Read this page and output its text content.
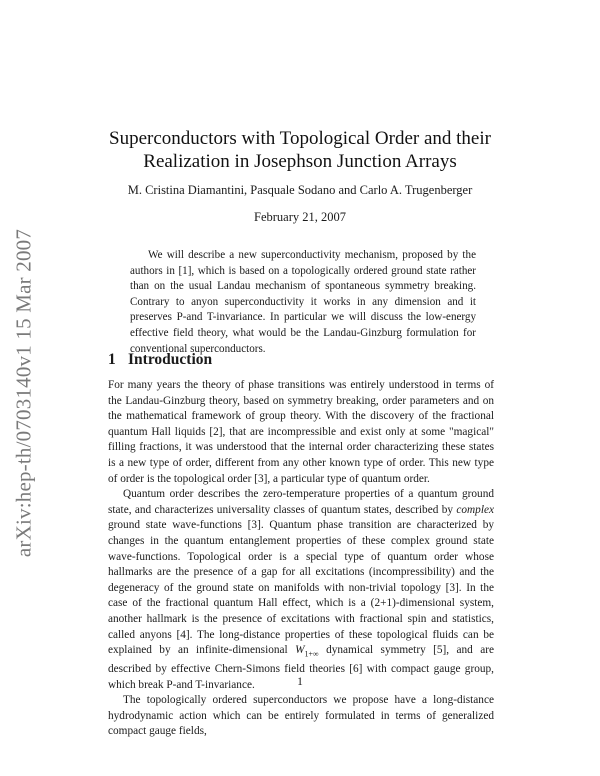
arXiv:hep-th/0703140v1 15 Mar 2007
Superconductors with Topological Order and their
Realization in Josephson Junction Arrays
M. Cristina Diamantini, Pasquale Sodano and Carlo A. Trugenberger
February 21, 2007

We will describe a new superconductivity mechanism, proposed by the authors in [1], which is based on a topologically ordered ground state rather than on the usual Landau mechanism of spontaneous symmetry breaking. Contrary to anyon superconductivity it works in any dimension and it preserves P-and T-invariance. In particular we will discuss the low-energy effective field theory, what would be the Landau-Ginzburg formulation for conventional superconductors.

1 Introduction

For many years the theory of phase transitions was entirely understood in terms of the Landau-Ginzburg theory, based on symmetry breaking, order parameters and on the mathematical framework of group theory. With the discovery of the fractional quantum Hall liquids [2], that are incompressible and exist only at some "magical" filling fractions, it was understood that the internal order characterizing these states is a new type of order, different from any other known type of order. This new type of order is the topological order [3], a particular type of quantum order.

Quantum order describes the zero-temperature properties of a quantum ground state, and characterizes universality classes of quantum states, described by complex ground state wave-functions [3]. Quantum phase transition are characterized by changes in the quantum entanglement properties of these complex ground state wave-functions. Topological order is a special type of quantum order whose hallmarks are the presence of a gap for all excitations (incompressibility) and the degeneracy of the ground state on manifolds with non-trivial topology [3]. In the case of the fractional quantum Hall effect, which is a (2+1)-dimensional system, another hallmark is the presence of excitations with fractional spin and statistics, called anyons [4]. The long-distance properties of these topological fluids can be explained by an infinite-dimensional $W_{1+\infty}$ dynamical symmetry [5], and are described by effective Chern-Simons field theories [6] with compact gauge group, which break P-and T-invariance.

The topologically ordered superconductors we propose have a long-distance hydrodynamic action which can be entirely formulated in terms of generalized compact gauge fields,

1
